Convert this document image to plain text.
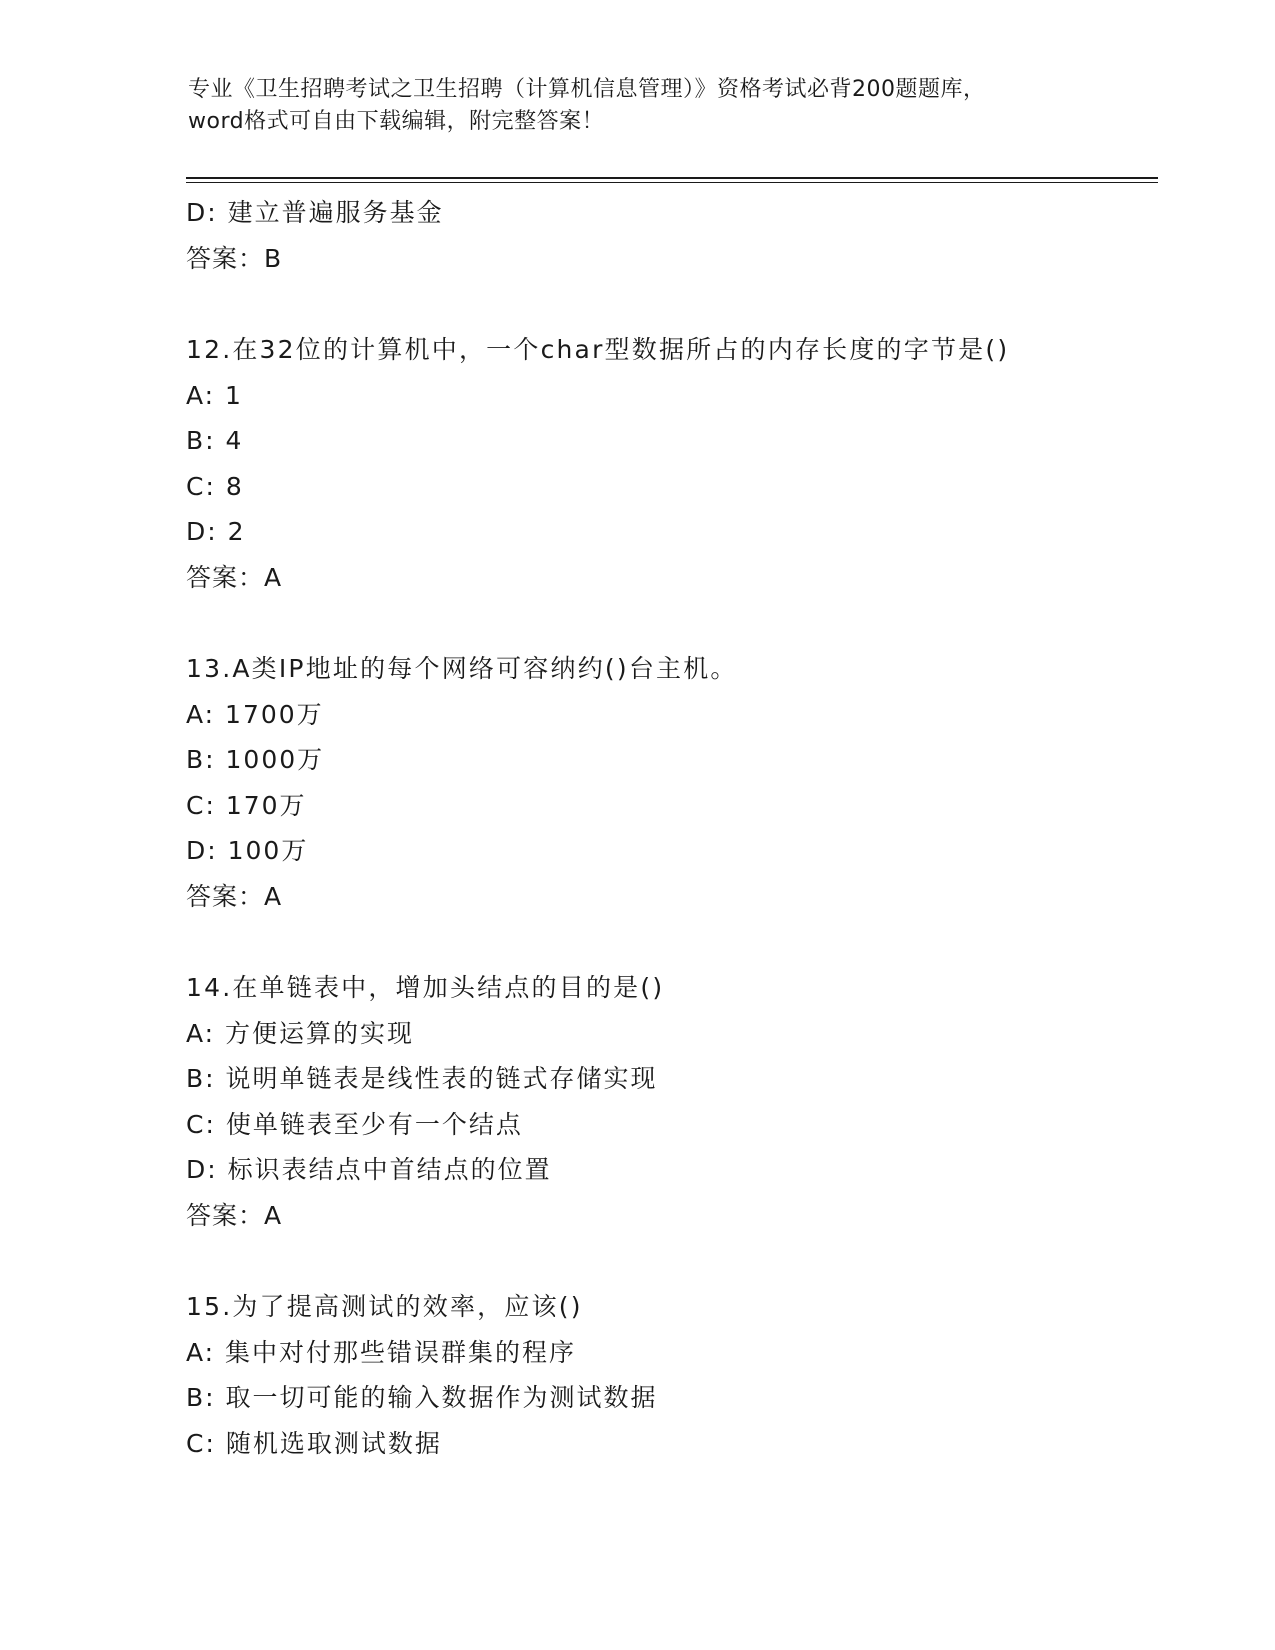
专业《卫生招聘考试之卫生招聘（计算机信息管理）》资格考试必背200题题库，
word格式可自由下载编辑，附完整答案！
D: 建立普遍服务基金
答案：B
12.在32位的计算机中，一个char型数据所占的内存长度的字节是()
A: 1
B: 4
C: 8
D: 2
答案：A
13.A类IP地址的每个网络可容纳约()台主机。
A: 1700万
B: 1000万
C: 170万
D: 100万
答案：A
14.在单链表中，增加头结点的目的是()
A: 方便运算的实现
B: 说明单链表是线性表的链式存储实现
C: 使单链表至少有一个结点
D: 标识表结点中首结点的位置
答案：A
15.为了提高测试的效率，应该()
A: 集中对付那些错误群集的程序
B: 取一切可能的输入数据作为测试数据
C: 随机选取测试数据
